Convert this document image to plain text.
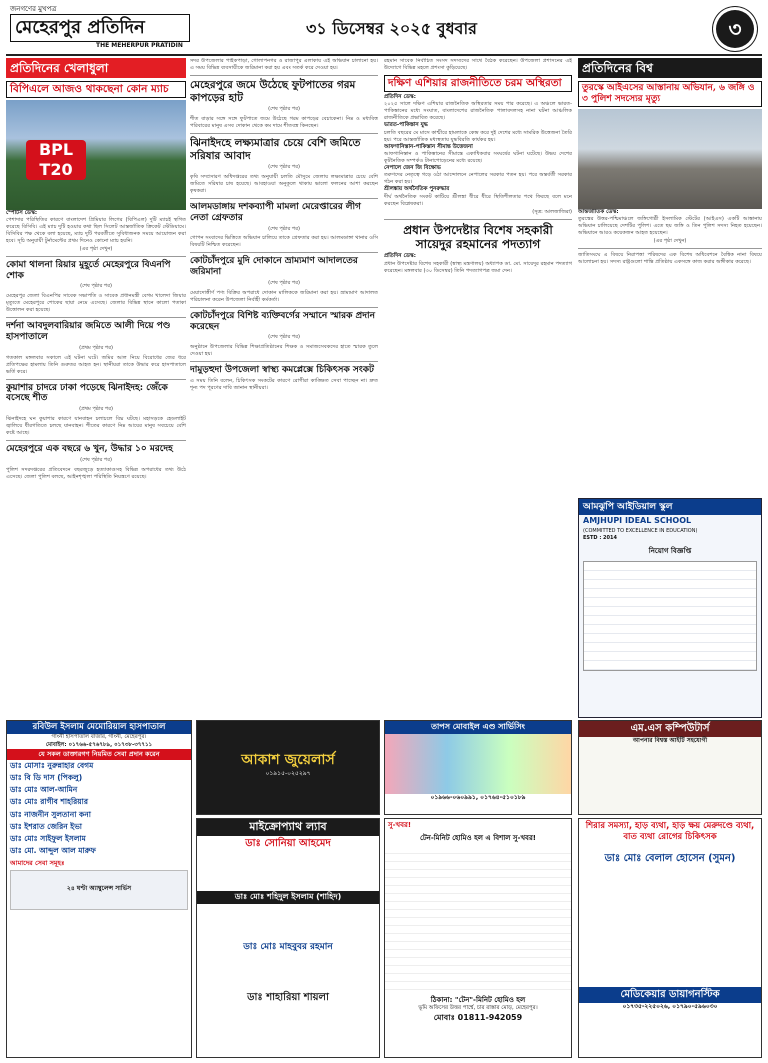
জনগণের মুখপত্র
মেহেরপুর প্রতিদিন
THE MEHERPUR PRATIDIN
৩১ ডিসেম্বর ২০২৫ বুধবার	৩
প্রতিদিনের খেলাধুলা
বিপিএলে আজও থাকছেনা কোন ম্যাচ
BPL T20
স্পোর্টস ডেস্ক:
পেশাদার পরিস্থিতির কারণে বাংলাদেশ প্রিমিয়ার লিগের (বিপিএল) দুটি ম্যাচই স্থগিত করেছে বিসিবি। এই ম্যাচ দুটি হওয়ার কথা ছিল সিলেট আন্তর্জাতিক ক্রিকেট স্টেডিয়ামে। বিসিবির পক্ষ থেকে বলা হয়েছে, ম্যাচ দুটি পরবর্তীতে সুবিধাজনক সময়ে আয়োজন করা হবে। সূচি অনুযায়ী টুর্নামেন্টের প্রথম দিনেও কোনো ম্যাচ হয়নি।
(এর পৃষ্ঠা দেখুন)
কোমা থালনা রিয়ার মুহূর্তে মেহেরপুরে বিএনপি শোক
(শেষ পৃষ্ঠার পর)
মেহেরপুর জেলা বিএনপির সাবেক সভাপতি ও সাবেক প্রধানমন্ত্রী বেগম খালেদা জিয়ার মৃত্যুতে মেহেরপুরে শোকের ছায়া নেমে এসেছে। জেলার বিভিন্ন স্থানে কালো পতাকা উত্তোলন করা হয়েছে।
দর্শনা আবদুলবারিয়ার জমিতে আলী দিয়ে পণ্ড হাসপাতালে
(প্রথম পৃষ্ঠার পর)
গতকাল মঙ্গলবার সকালে এই ঘটনা ঘটে। জমির আল নিয়ে বিরোধের জের ধরে প্রতিপক্ষের হামলায় তিনি গুরুতর আহত হন। স্থানীয়রা তাকে উদ্ধার করে হাসপাতালে ভর্তি করে।
কুয়াশার চাদরে ঢাকা পড়েছে ঝিনাইদহ: জেঁকে বসেছে শীত
(প্রথম পৃষ্ঠার পর)
ঝিনাইদহে ঘন কুয়াশার কারণে যানবাহন চলাচলে বিঘ্ন ঘটছে। মহাসড়কে হেডলাইট জ্বালিয়ে ধীরগতিতে চলছে যানবাহন। শীতের কারণে নিম্ন আয়ের মানুষ সবচেয়ে বেশি কষ্টে আছে।
মেহেরপুরে এক বছরে ৬ খুন, উদ্ধার ১০ মরদেহ
(শেষ পৃষ্ঠার পর)
পুলিশ সদরদপ্তরের প্রতিবেদনে বছরজুড়ে হত্যাকাণ্ডসহ বিভিন্ন অপরাধের তথ্য উঠে এসেছে। জেলা পুলিশ বলছে, আইনশৃঙ্খলা পরিস্থিতি নিয়ন্ত্রণে রয়েছে।
সদর উপজেলার পাইকপাড়া, গোলাপনগর ও রাজাপুর এলাকায় এই অভিযান চালানো হয়। এ সময় বিভিন্ন ব্যবসায়ীকে জরিমানা করা হয় এবং সতর্ক করে দেওয়া হয়।
মেহেরপুরে জমে উঠেছে ফুটপাতের গরম কাপড়ের হাট
(শেষ পৃষ্ঠার পর)
শীত বাড়ার সঙ্গে সঙ্গে ফুটপাতে জমে উঠেছে গরম কাপড়ের বেচাকেনা। নিম্ন ও মধ্যবিত্ত পরিবারের মানুষ এসব দোকান থেকে কম দামে শীতবস্ত্র কিনছেন।
ঝিনাইদহে লক্ষ্যমাত্রার চেয়ে বেশি জমিতে সরিষার আবাদ
(শেষ পৃষ্ঠার পর)
কৃষি সম্প্রসারণ অধিদপ্তরের তথ্য অনুযায়ী চলতি মৌসুমে জেলায় লক্ষ্যমাত্রার চেয়ে বেশি জমিতে সরিষার চাষ হয়েছে। আবহাওয়া অনুকূলে থাকায় ভালো ফলনের আশা করছেন কৃষকরা।
আলমডাঙ্গায় দশকব্যাপী মামলা মেরেপ্তারের লীগ নেতা গ্রেফতার
(শেষ পৃষ্ঠার পর)
গোপন সংবাদের ভিত্তিতে অভিযান চালিয়ে তাকে গ্রেফতার করা হয়। আলমডাঙ্গা থানার ওসি বিষয়টি নিশ্চিত করেছেন।
কোটচাঁদপুরে মুদি দোকানে ভ্রাম্যমাণ আদালতের জরিমানা
(শেষ পৃষ্ঠার পর)
মেয়াদোত্তীর্ণ পণ্য বিক্রির অপরাধে দোকান মালিককে জরিমানা করা হয়। ভ্রাম্যমাণ আদালত পরিচালনা করেন উপজেলা নির্বাহী কর্মকর্তা।
কোটচাঁদপুরে বিশিষ্ট ব্যক্তিবর্গের সম্মানে স্মারক প্রদান করেছেন
(শেষ পৃষ্ঠার পর)
অনুষ্ঠানে উপজেলার বিভিন্ন শিক্ষাপ্রতিষ্ঠানের শিক্ষক ও সমাজসেবকদের হাতে স্মারক তুলে দেওয়া হয়।
দামুড়হুদা উপজেলা স্বাস্থ্য কমপ্লেক্সে চিকিৎসক সংকট
এ সময় তিনি বলেন, চিকিৎসক সংকটের কারণে রোগীরা কাঙ্ক্ষিত সেবা পাচ্ছেন না। দ্রুত শূন্য পদ পূরণের দাবি জানান স্থানীয়রা।
রহমান সাবেক নির্বাচিত সংসদ সদস্যদের সাথে বৈঠক করেছেন। উপজেলা প্রশাসনের এই উদ্যোগে বিভিন্ন মহলে প্রশংসা কুড়িয়েছে।
দক্ষিণ এশিয়ার রাজনীতিতে চরম অস্থিরতা
প্রতিদিন ডেস্ক:
২০২৫ সালে দক্ষিণ এশিয়ার রাজনৈতিক অস্থিরতার সময় পার করেছে। এ অঞ্চলে ভারত-পাকিস্তানের মধ্যে সংঘাত, বাংলাদেশের রাজনৈতিক পালাবদলসহ নানা ঘটনা আঞ্চলিক রাজনীতিকে প্রভাবিত করেছে।
ভারত-পাকিস্তান যুদ্ধ
চলতি বছরের মে মাসে কাশ্মীরে হামলাকে কেন্দ্র করে দুই দেশের মধ্যে সামরিক উত্তেজনা তৈরি হয়। পরে আন্তর্জাতিক মধ্যস্থতায় যুদ্ধবিরতি কার্যকর হয়।
আফগানিস্তান-পাকিস্তান সীমান্ত উত্তেজনা
আফগানিস্তান ও পাকিস্তানের সীমান্তে একাধিকবার সংঘর্ষের ঘটনা ঘটেছে। উভয় দেশের কূটনৈতিক সম্পর্কও টানাপোড়েনের মধ্যে রয়েছে।
নেপালে জেন জি বিক্ষোভ
তরুণদের নেতৃত্বে গড়ে ওঠা আন্দোলনে নেপালের সরকার পতন হয়। পরে অন্তর্বর্তী সরকার গঠন করা হয়।
শ্রীলঙ্কায় অর্থনৈতিক পুনরুদ্ধার
দীর্ঘ অর্থনৈতিক সংকট কাটিয়ে শ্রীলঙ্কা ধীরে ধীরে স্থিতিশীলতার পথে ফিরছে বলে মনে করছেন বিশ্লেষকরা।
(সূত্র: আলজাজিরা)
প্রধান উপদেষ্টার বিশেষ সহকারী সায়েদুর রহমানের পদত্যাগ
প্রতিদিন ডেস্ক:
প্রধান উপদেষ্টার বিশেষ সহকারী (স্বাস্থ্য মন্ত্রণালয়) অধ্যাপক ডা. মো. সায়েদুর রহমান পদত্যাগ করেছেন। মঙ্গলবার (৩০ ডিসেম্বর) তিনি পদত্যাগপত্র জমা দেন।
প্রতিদিনের বিশ্ব
তুরস্কে আইএসের আস্তানায় অভিযান, ৬ জঙ্গি ও ৩ পুলিশ সদস্যের মৃত্যু
আন্তর্জাতিক ডেস্ক:
তুরস্কের উত্তর-পশ্চিমাঞ্চলে জঙ্গিগোষ্ঠী ইসলামিক স্টেটের (আইএস) একটি আস্তানায় অভিযান চালিয়েছে দেশটির পুলিশ। এতে ছয় জঙ্গি ও তিন পুলিশ সদস্য নিহত হয়েছেন। অভিযানে আরও কয়েকজন আহত হয়েছেন।
(এর পৃষ্ঠা দেখুন)
জাতিসংঘে এ বিষয়ে নিরাপত্তা পরিষদের এক বিশেষ অধিবেশনে বৈশ্বিক নানা বিষয়ে আলোচনা হয়। সদস্য রাষ্ট্রগুলো শান্তি প্রতিষ্ঠায় একসঙ্গে কাজ করার অঙ্গীকার করেছে।
আমঝুপি আইডিয়াল স্কুল
AMJHUPI IDEAL SCHOOL
(COMMITTED TO EXCELLENCE IN EDUCATION)
ESTD : 2014
নিয়োগ বিজ্ঞপ্তি
রবিউল ইসলাম মেমোরিয়াল হাসপাতাল
গাংনী হাসপাতাল বাজার, গাংনী, মেহেরপুর।
মোবাইল: ০১৭৬৬-৫৭৬৭৮৯, ০১৭৩৮-৩৭৭১১
যে সকল ডাক্তারগণ নিয়মিত সেবা প্রদান করেন
ডাঃ মোসাঃ নুরুন্নাহার বেগম
ডাঃ বি ডি দাস (পিকলু)
ডাঃ মোঃ আল-আমিন
ডাঃ মোঃ রাগীব শাহরিয়ার
ডাঃ নাজনীন সুলতানা কনা
ডাঃ ইশরাত জেরিন ইভা
ডাঃ মোঃ সাইফুল ইসলাম
ডাঃ মো. আব্দুল আল মারুফ
আমাদের সেবা সমূহঃ
২৪ ঘণ্টা অ্যাম্বুলেন্স সার্ভিস
আকাশ জুয়েলার্স
০১৯১৫-০২৫২৯৭
তাপস মোবাইল এণ্ড সার্ভিসিং
০১৯৬৬-০৬০৯৯১, ০১৭৬৪-৫১০১৮৯
এম.এস কম্পিউটার্স
আপনার বিশ্বস্ত আইটি সহযোগী
মাইক্রোপ্যাথ ল্যাব
ডাঃ সোনিয়া আহমেদ
ডাঃ মোঃ শহিদুল ইসলাম (শাহিদ)
ডাঃ মোঃ মাহবুবর রহমান
ডাঃ শাহারিয়া শায়লা
সু-খবর!
টেন-মিনিট হোমিও হল এ বিশাল সু-খবর!
ঠিকানা: "টেন"-মিনিট হোমিও হল
ভূমি অফিসের উত্তর পার্শ্বে, চার রাস্তার মোড়, মেহেরপুর।
মোবাঃ 01811-942059
শিরার সমস্যা, হাড় ব্যথা, হাড় ক্ষয় মেরুদণ্ডে ব্যথা, বাত ব্যথা রোগের চিকিৎসক
ডাঃ মোঃ বেলাল হোসেন (সুমন)
মেডিকেয়ার ডায়াগনস্টিক
০১৭৩৫-২২৫০২৬, ০১৭৯০-৫৯৬০৩০
